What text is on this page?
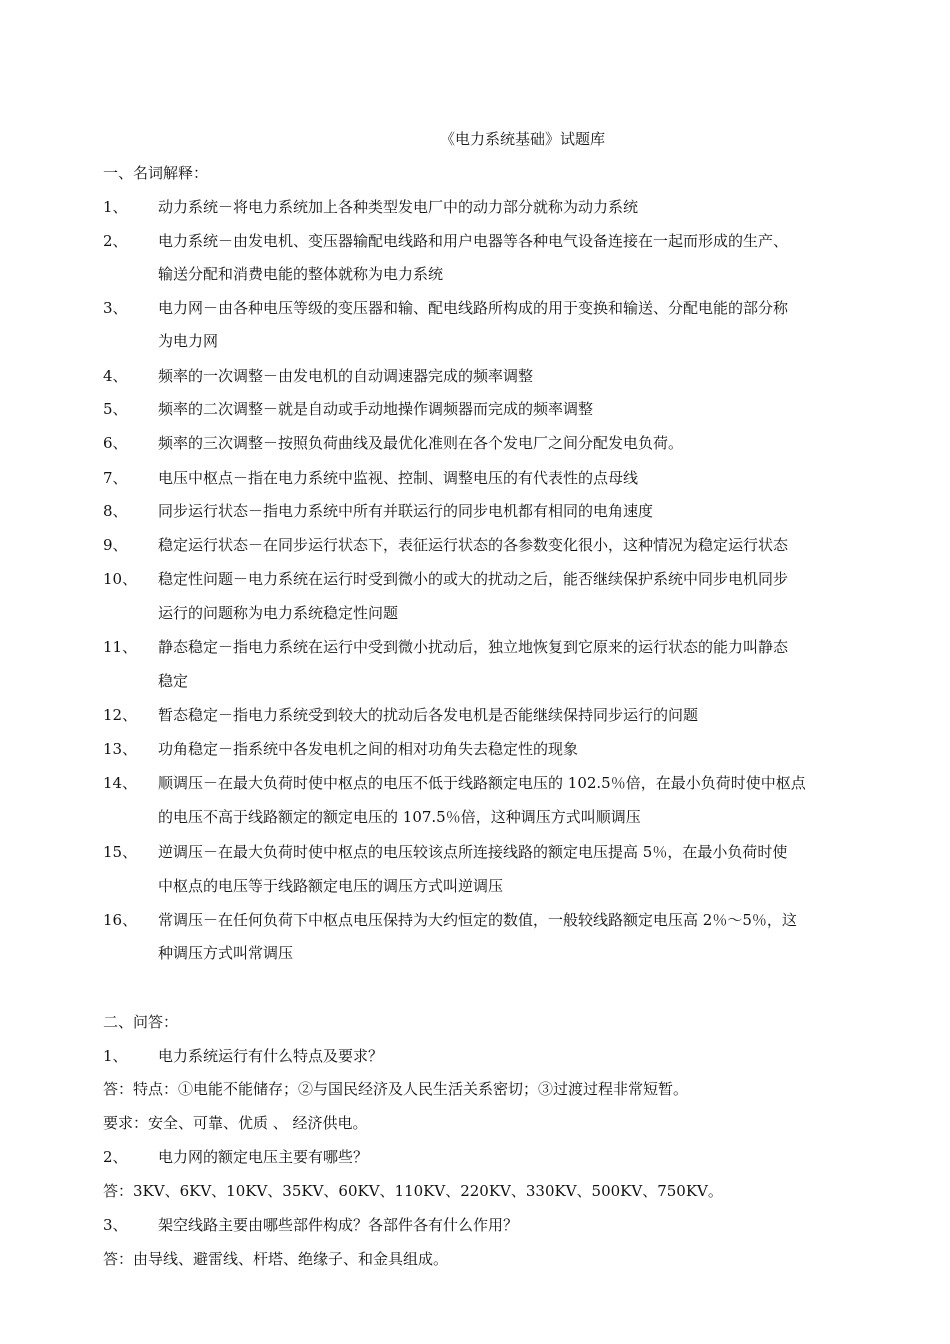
《电力系统基础》试题库
一、名词解释：
1、 动力系统－将电力系统加上各种类型发电厂中的动力部分就称为动力系统
2、 电力系统－由发电机、变压器输配电线路和用户电器等各种电气设备连接在一起而形成的生产、
输送分配和消费电能的整体就称为电力系统
3、 电力网－由各种电压等级的变压器和输、配电线路所构成的用于变换和输送、分配电能的部分称
为电力网
4、 频率的一次调整－由发电机的自动调速器完成的频率调整
5、 频率的二次调整－就是自动或手动地操作调频器而完成的频率调整
6、 频率的三次调整－按照负荷曲线及最优化准则在各个发电厂之间分配发电负荷。
7、 电压中枢点－指在电力系统中监视、控制、调整电压的有代表性的点母线
8、 同步运行状态－指电力系统中所有并联运行的同步电机都有相同的电角速度
9、 稳定运行状态－在同步运行状态下，表征运行状态的各参数变化很小，这种情况为稳定运行状态
10、 稳定性问题－电力系统在运行时受到微小的或大的扰动之后，能否继续保护系统中同步电机同步
运行的问题称为电力系统稳定性问题
11、 静态稳定－指电力系统在运行中受到微小扰动后，独立地恢复到它原来的运行状态的能力叫静态
稳定
12、 暂态稳定－指电力系统受到较大的扰动后各发电机是否能继续保持同步运行的问题
13、 功角稳定－指系统中各发电机之间的相对功角失去稳定性的现象
14、 顺调压－在最大负荷时使中枢点的电压不低于线路额定电压的 102.5％倍，在最小负荷时使中枢点
的电压不高于线路额定的额定电压的 107.5％倍，这种调压方式叫顺调压
15、 逆调压－在最大负荷时使中枢点的电压较该点所连接线路的额定电压提高 5％，在最小负荷时使
中枢点的电压等于线路额定电压的调压方式叫逆调压
16、 常调压－在任何负荷下中枢点电压保持为大约恒定的数值，一般较线路额定电压高 2％～5％，这
种调压方式叫常调压
二、问答：
1、 电力系统运行有什么特点及要求？
答：特点：①电能不能储存；②与国民经济及人民生活关系密切；③过渡过程非常短暂。
要求：安全、可靠、优质 、 经济供电。
2、 电力网的额定电压主要有哪些？
答：3KV、6KV、10KV、35KV、60KV、110KV、220KV、330KV、500KV、750KV。
3、 架空线路主要由哪些部件构成？各部件各有什么作用？
答：由导线、避雷线、杆塔、绝缘子、和金具组成。
